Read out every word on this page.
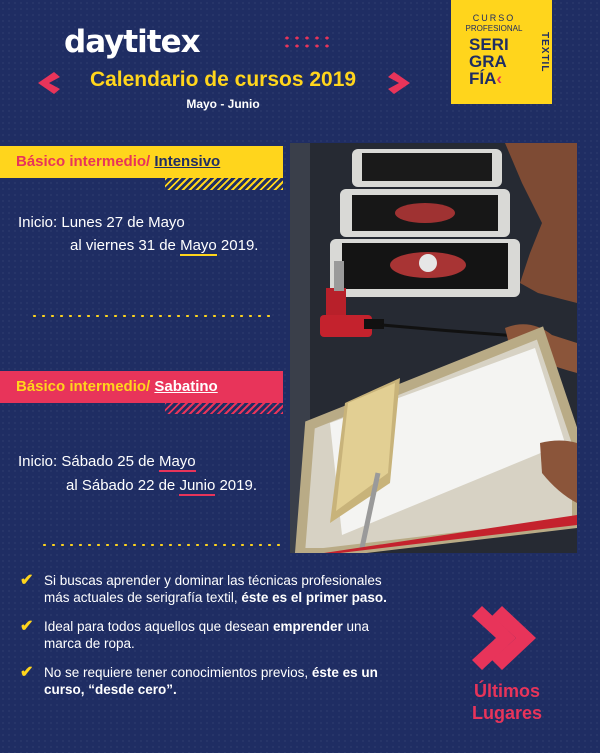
daytitex
CURSO
PROFESIONAL
SERI
GRA
FÍA‹
TEXTIL
Calendario de cursos 2019
Mayo - Junio
Básico intermedio/ Intensivo
Inicio: Lunes 27 de Mayo
al viernes 31 de Mayo 2019.
Básico intermedio/ Sabatino
Inicio: Sábado 25 de Mayo
al Sábado 22 de Junio 2019.
✔ Si buscas aprender y dominar las técnicas profesionales más actuales de serigrafía textil, éste es el primer paso.
✔ Ideal para todos aquellos que desean emprender una marca de ropa.
✔ No se requiere tener conocimientos previos, éste es un curso, “desde cero”.	Últimos
Lugares
